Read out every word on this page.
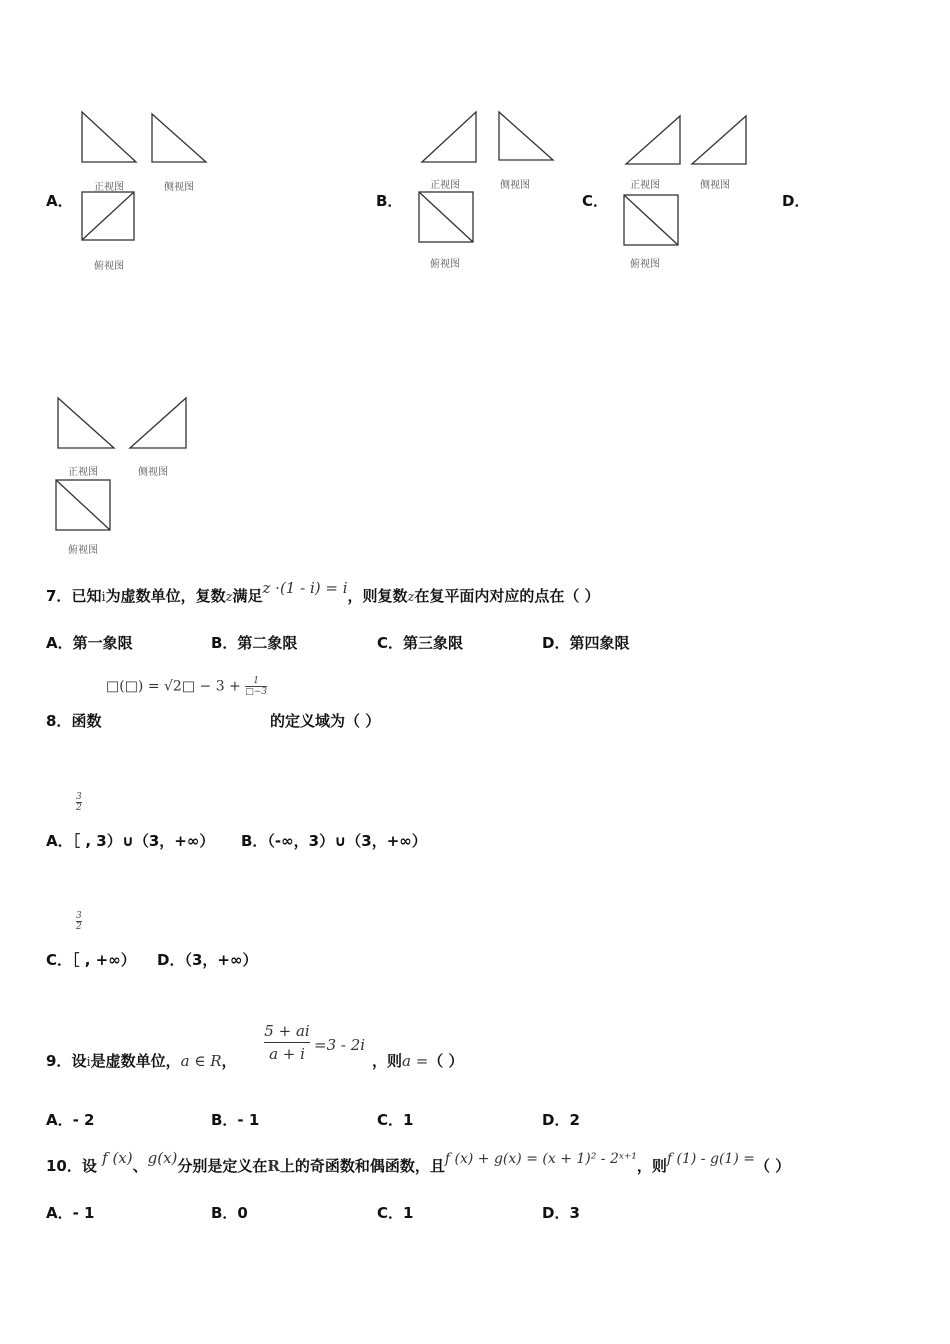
A．
正视图	侧视图
俯视图
B．
正视图	侧视图
俯视图
C．
正视图	侧视图
俯视图
D．
正视图	侧视图
俯视图
7．已知i为虚数单位，复数z满足z ·(1 - i) = i，则复数z在复平面内对应的点在（ ）
A．第一象限	B．第二象限	C．第三象限	D．第四象限
□(□) = √2□ − $3 + \frac{1}{□-3}$
8．函数	的定义域为（ ）
$\frac{3}{2}$
A．［ , 3）∪（3，+∞） B．（-∞，3）∪（3，+∞）
$\frac{3}{2}$
C．［ , +∞） D．（3，+∞）
9．设i是虚数单位，a ∈ R，
5 + ai
a + i =3 - 2i
，则a =（ ）
A．- 2	B．- 1	C．1	D．2
10．设 f (x)、g(x)分别是定义在R上的奇函数和偶函数，且f (x) + g(x) = (x + 1)² - 2ˣ⁺¹，则f (1) - g(1) =（ ）
A．- 1	B．0	C．1	D．3
